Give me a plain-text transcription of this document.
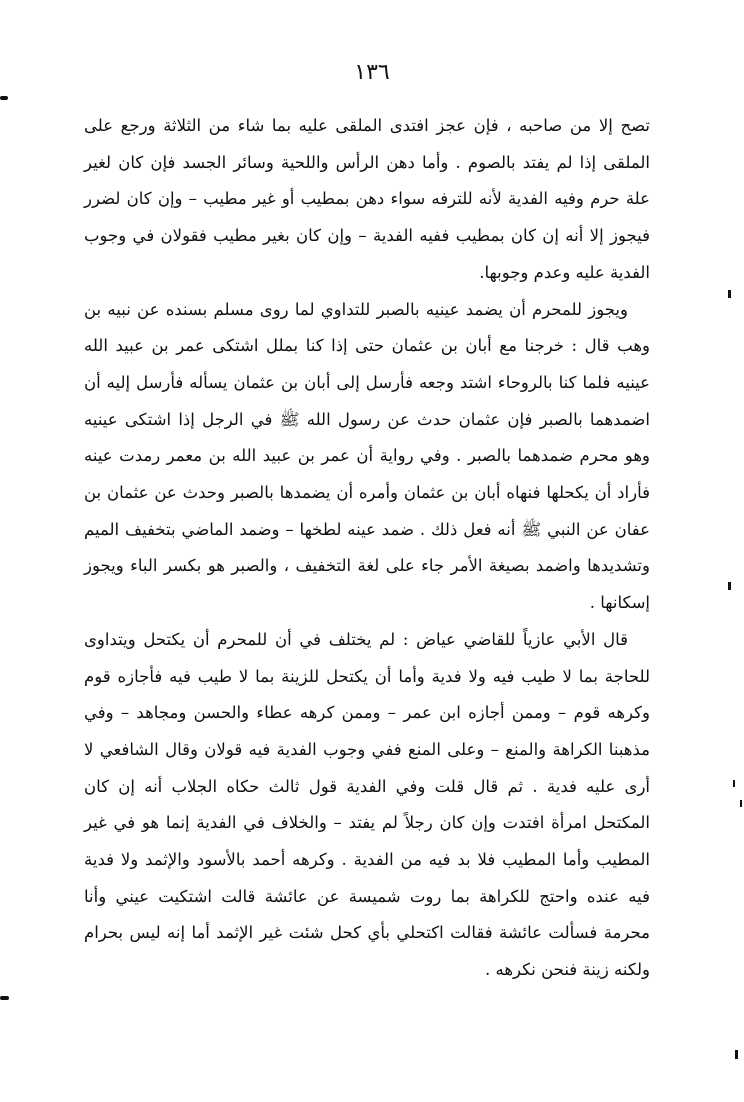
١٣٦

تصح إلا من صاحبه ، فإن عجز افتدى الملقى عليه بما شاء من الثلاثة ورجع على الملقى إذا لم يفتد بالصوم . وأما دهن الرأس واللحية وسائر الجسد فإن كان لغير علة حرم وفيه الفدية لأنه للترفه سواء دهن بمطيب أو غير مطيب – وإن كان لضرر فيجوز إلا أنه إن كان بمطيب ففيه الفدية – وإن كان بغير مطيب فقولان في وجوب الفدية عليه وعدم وجوبها.

ويجوز للمحرم أن يضمد عينيه بالصبر للتداوي لما روى مسلم بسنده عن نبيه بن وهب قال : خرجنا مع أبان بن عثمان حتى إذا كنا بملل اشتكى عمر بن عبيد الله عينيه فلما كنا بالروحاء اشتد وجعه فأرسل إلى أبان بن عثمان يسأله فأرسل إليه أن اضمدهما بالصبر فإن عثمان حدث عن رسول الله ﷺ في الرجل إذا اشتكى عينيه وهو محرم ضمدهما بالصبر . وفي رواية أن عمر بن عبيد الله بن معمر رمدت عينه فأراد أن يكحلها فنهاه أبان بن عثمان وأمره أن يضمدها بالصبر وحدث عن عثمان بن عفان عن النبي ﷺ أنه فعل ذلك . ضمد عينه لطخها – وضمد الماضي بتخفيف الميم وتشديدها واضمد بصيغة الأمر جاء على لغة التخفيف ، والصبر هو بكسر الباء ويجوز إسكانها .

قال الأبي عازياً للقاضي عياض : لم يختلف في أن للمحرم أن يكتحل ويتداوى للحاجة بما لا طيب فيه ولا فدية وأما أن يكتحل للزينة بما لا طيب فيه فأجازه قوم وكرهه قوم – وممن أجازه ابن عمر – وممن كرهه عطاء والحسن ومجاهد – وفي مذهبنا الكراهة والمنع – وعلى المنع ففي وجوب الفدية فيه قولان وقال الشافعي لا أرى عليه فدية . ثم قال قلت وفي الفدية قول ثالث حكاه الجلاب أنه إن كان المكتحل امرأة افتدت وإن كان رجلاً لم يفتد – والخلاف في الفدية إنما هو في غير المطيب وأما المطيب فلا بد فيه من الفدية . وكرهه أحمد بالأسود والإثمد ولا فدية فيه عنده واحتج للكراهة بما روت شميسة عن عائشة قالت اشتكيت عيني وأنا محرمة فسألت عائشة فقالت اكتحلي بأي كحل شئت غير الإثمد أما إنه ليس بحرام ولكنه زينة فنحن نكرهه .
